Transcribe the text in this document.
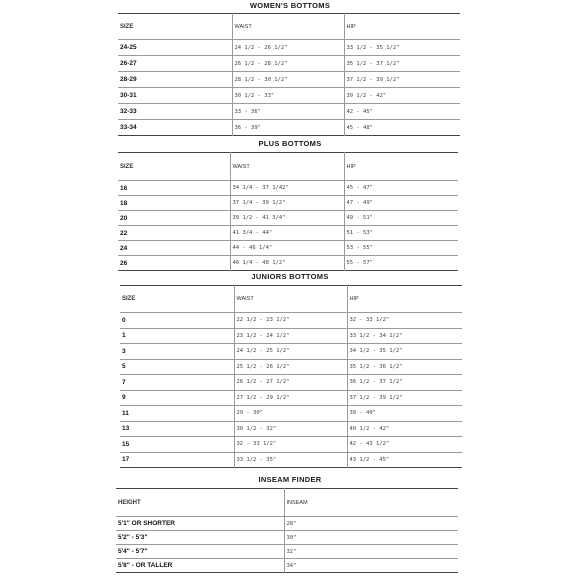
WOMEN'S BOTTOMS
SIZE	WAIST	HIP
24-25	24 1/2 - 26 1/2"	33 1/2 - 35 1/2"
26-27	26 1/2 - 28 1/2"	35 1/2 - 37 1/2"
28-29	28 1/2 - 30 1/2"	37 1/2 - 39 1/2"
30-31	30 1/2 - 33"	39 1/2 - 42"
32-33	33 - 36"	42 - 45"
33-34	36 - 39"	45 - 48"
PLUS BOTTOMS
SIZE	WAIST	HIP
16	34 1/4 - 37 1/42"	45 - 47"
18	37 1/4 - 39 1/2"	47 - 49"
20	39 1/2 - 41 3/4"	49 - 51"
22	41 3/4 - 44"	51 - 53"
24	44 - 46 1/4"	53 - 55"
26	46 1/4 - 48 1/2"	55 - 57"
JUNIORS BOTTOMS
SIZE	WAIST	HIP
0	22 1/2 - 23 1/2"	32 - 33 1/2"
1	23 1/2 - 24 1/2"	33 1/2 - 34 1/2"
3	24 1/2 - 25 1/2"	34 1/2 - 35 1/2"
5	25 1/2 - 26 1/2"	35 1/2 - 36 1/2"
7	26 1/2 - 27 1/2"	36 1/2 - 37 1/2"
9	27 1/2 - 29 1/2"	37 1/2 - 39 1/2"
11	29 - 30"	39 - 40"
13	30 1/2 - 32"	40 1/2 - 42"
15	32 - 33 1/2"	42 - 43 1/2"
17	33 1/2 - 35"	43 1/2 - 45"
INSEAM FINDER
HEIGHT	INSEAM
5'1" OR SHORTER	28"
5'2" - 5'3"	30"
5'4" - 5'7"	32"
5'8" - OR TALLER	34"
